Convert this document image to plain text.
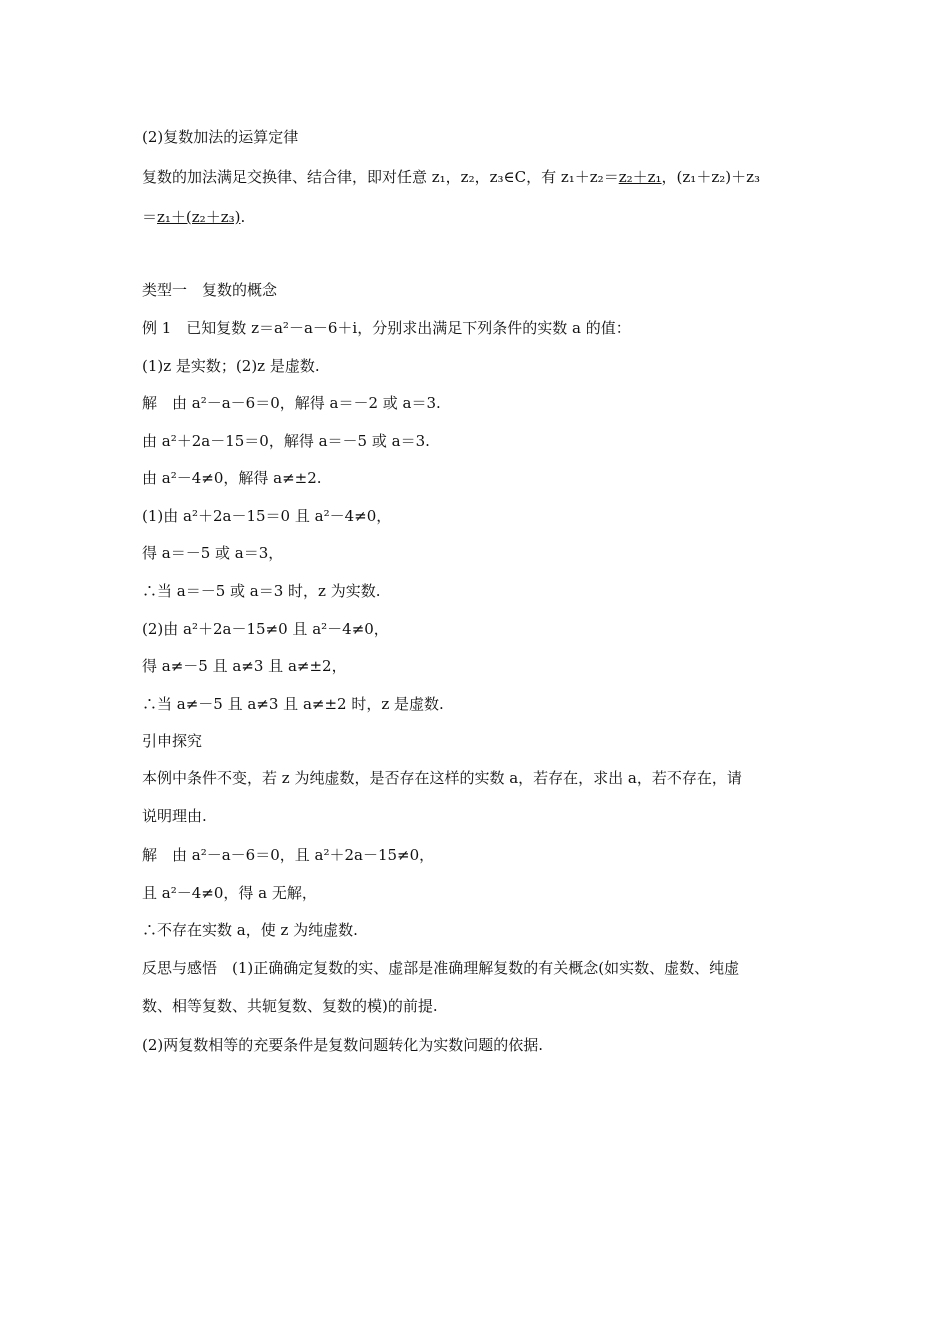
(2)复数加法的运算定律
复数的加法满足交换律、结合律，即对任意 z₁，z₂，z₃∈C，有 z₁＋z₂＝z₂＋z₁，(z₁＋z₂)＋z₃
＝z₁＋(z₂＋z₃).
类型一　复数的概念
例 1　已知复数 z＝a²－a－6＋i，分别求出满足下列条件的实数 a 的值：
(1)z 是实数；(2)z 是虚数.
解　由 a²－a－6＝0，解得 a＝－2 或 a＝3.
由 a²＋2a－15＝0，解得 a＝－5 或 a＝3.
由 a²－4≠0，解得 a≠±2.
(1)由 a²＋2a－15＝0 且 a²－4≠0，
得 a＝－5 或 a＝3，
∴当 a＝－5 或 a＝3 时，z 为实数.
(2)由 a²＋2a－15≠0 且 a²－4≠0，
得 a≠－5 且 a≠3 且 a≠±2，
∴当 a≠－5 且 a≠3 且 a≠±2 时，z 是虚数.
引申探究
本例中条件不变，若 z 为纯虚数，是否存在这样的实数 a，若存在，求出 a，若不存在，请
说明理由.
解　由 a²－a－6＝0，且 a²＋2a－15≠0，
且 a²－4≠0，得 a 无解，
∴不存在实数 a，使 z 为纯虚数.
反思与感悟　(1)正确确定复数的实、虚部是准确理解复数的有关概念(如实数、虚数、纯虚
数、相等复数、共轭复数、复数的模)的前提.
(2)两复数相等的充要条件是复数问题转化为实数问题的依据.
